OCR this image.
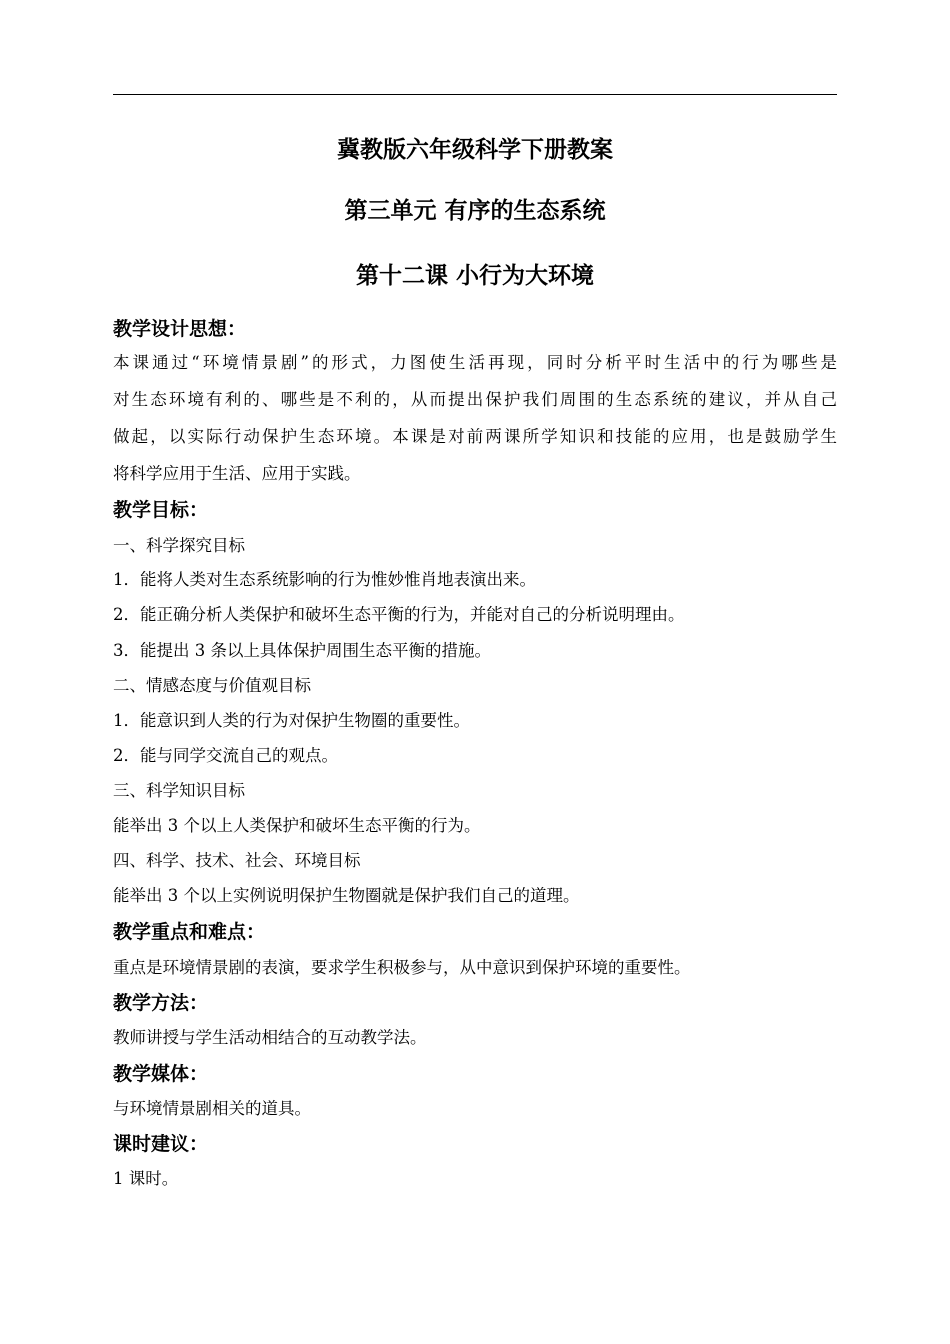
冀教版六年级科学下册教案
第三单元 有序的生态系统
第十二课 小行为大环境
教学设计思想：
本课通过“环境情景剧”的形式，力图使生活再现，同时分析平时生活中的行为哪些是
对生态环境有利的、哪些是不利的，从而提出保护我们周围的生态系统的建议，并从自己
做起，以实际行动保护生态环境。本课是对前两课所学知识和技能的应用，也是鼓励学生
将科学应用于生活、应用于实践。
教学目标：
一、科学探究目标
1．能将人类对生态系统影响的行为惟妙惟肖地表演出来。
2．能正确分析人类保护和破坏生态平衡的行为，并能对自己的分析说明理由。
3．能提出 3 条以上具体保护周围生态平衡的措施。
二、情感态度与价值观目标
1．能意识到人类的行为对保护生物圈的重要性。
2．能与同学交流自己的观点。
三、科学知识目标
能举出 3 个以上人类保护和破坏生态平衡的行为。
四、科学、技术、社会、环境目标
能举出 3 个以上实例说明保护生物圈就是保护我们自己的道理。
教学重点和难点：
重点是环境情景剧的表演，要求学生积极参与，从中意识到保护环境的重要性。
教学方法：
教师讲授与学生活动相结合的互动教学法。
教学媒体：
与环境情景剧相关的道具。
课时建议：
1 课时。
